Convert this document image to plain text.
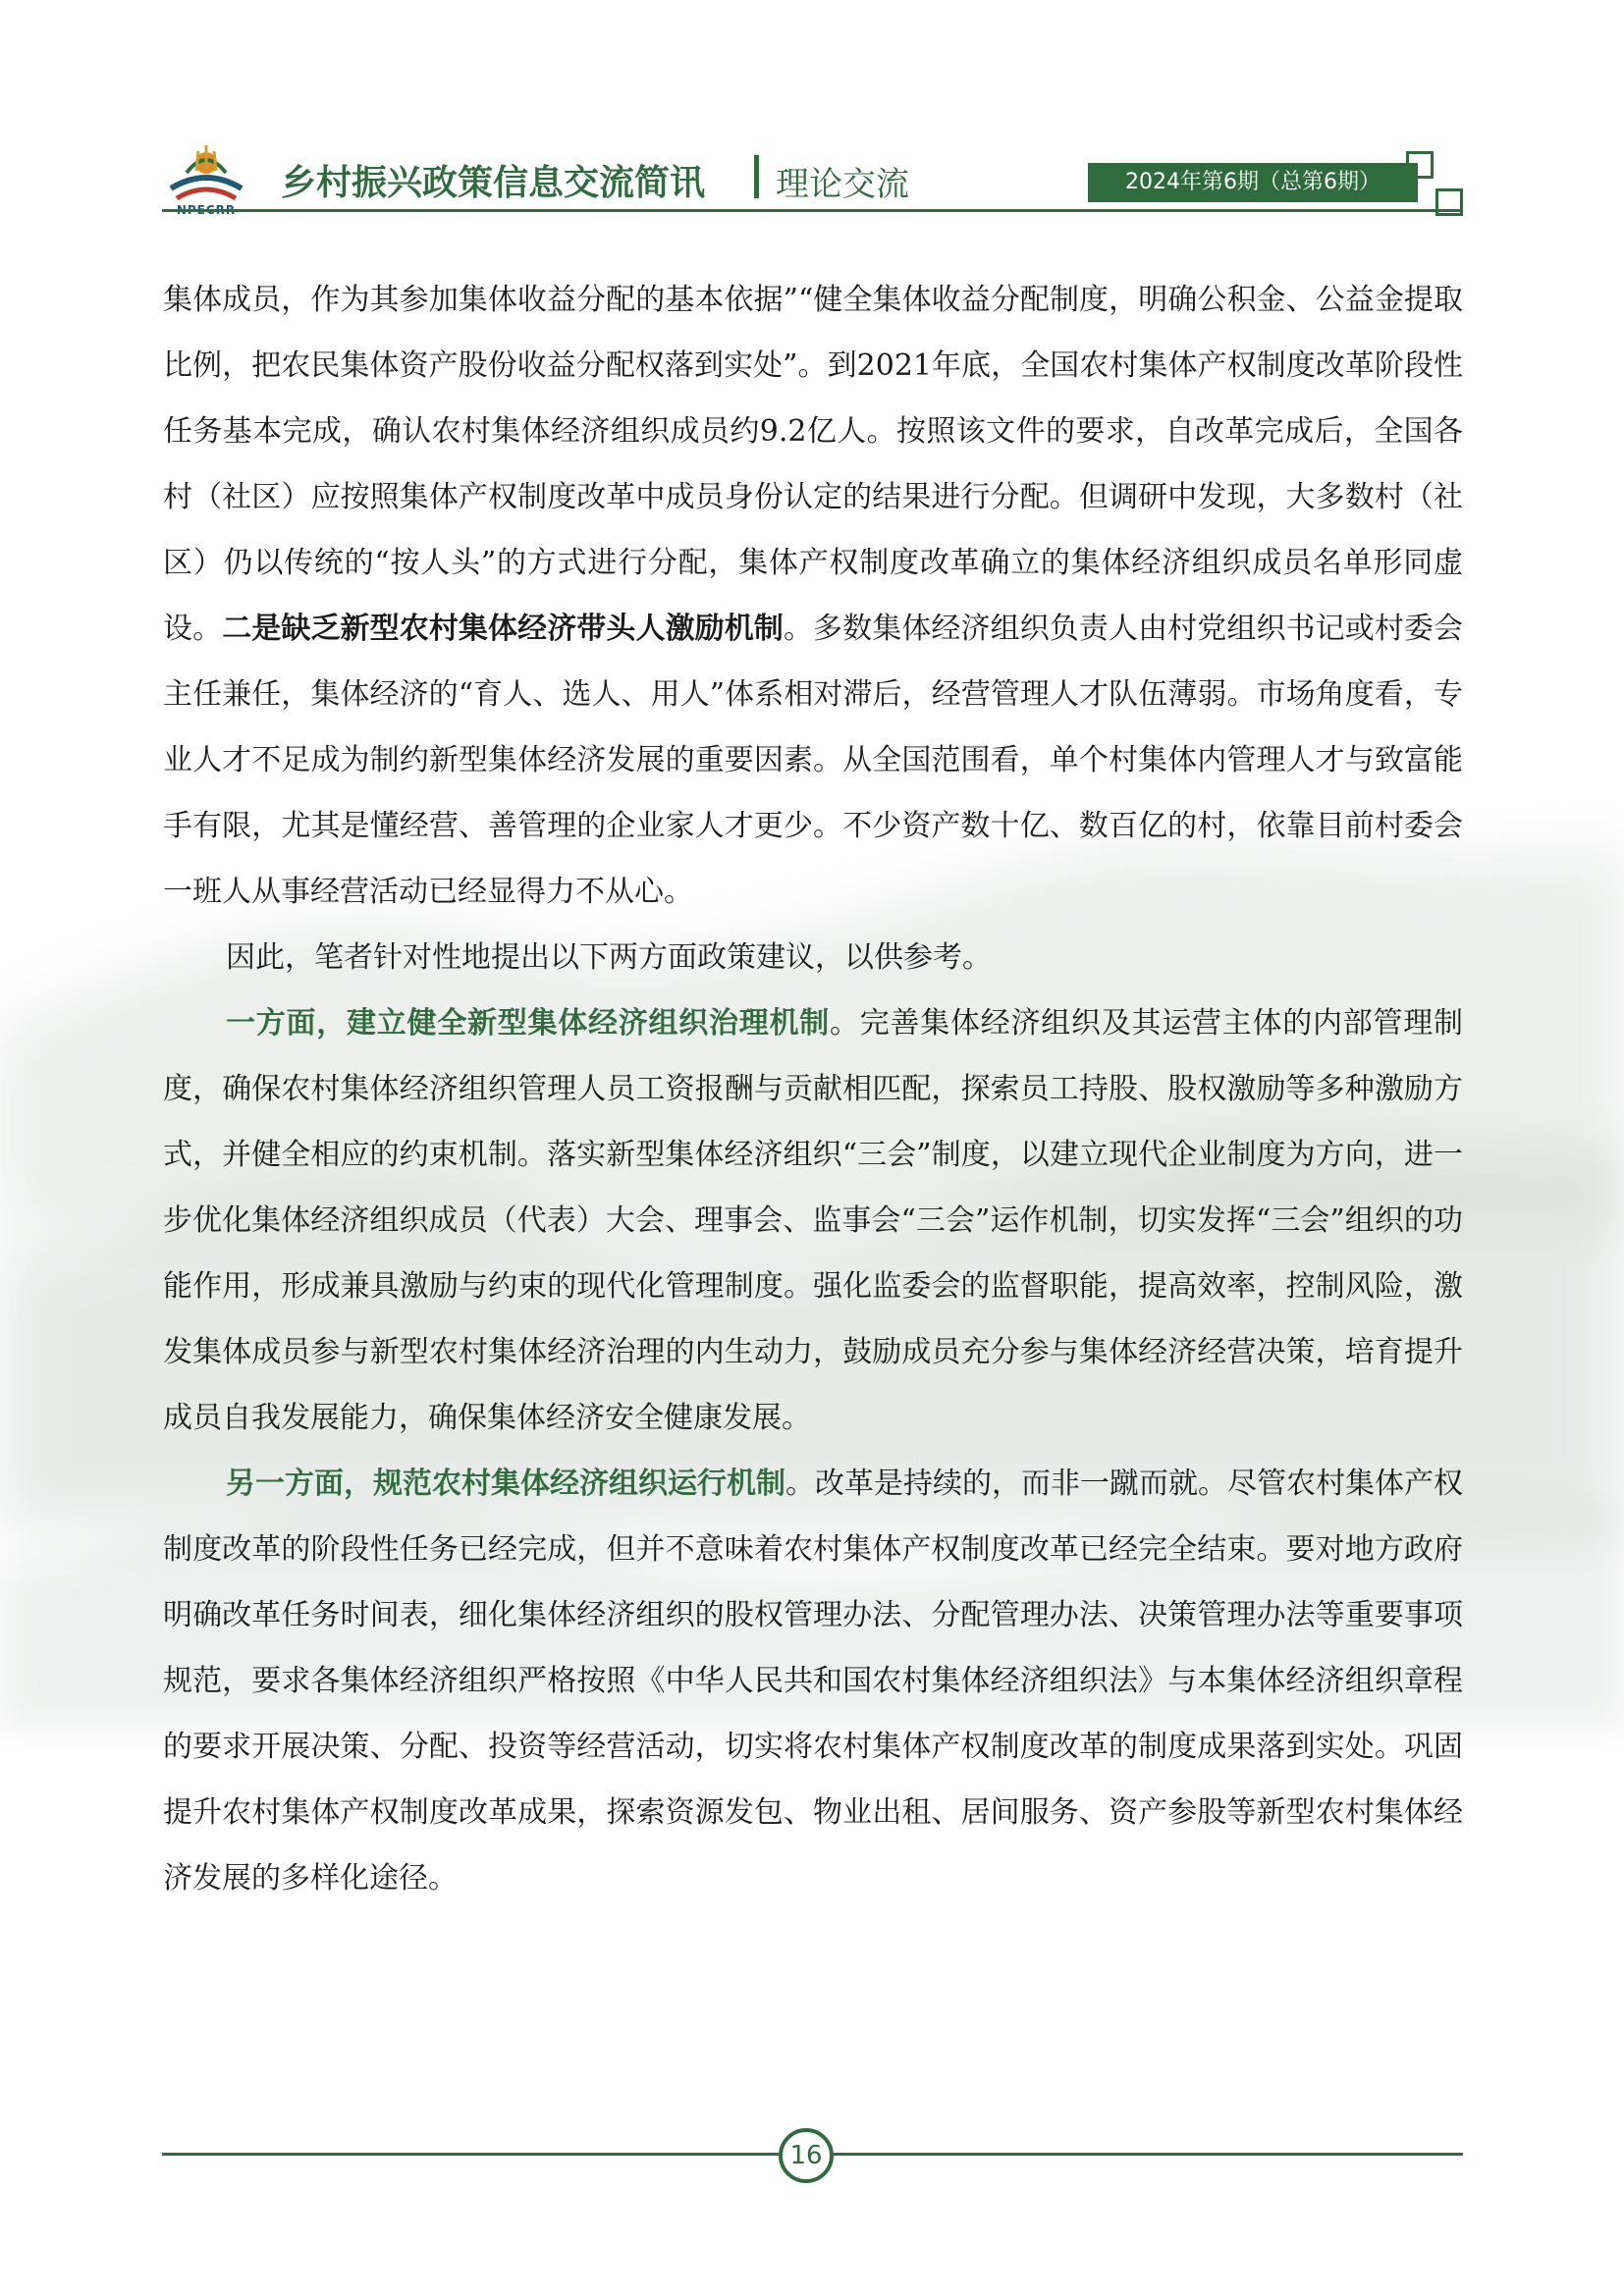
乡村振兴政策信息交流简讯 理论交流	2024年第6期（总第6期）

集体成员，作为其参加集体收益分配的基本依据”“健全集体收益分配制度，明确公积金、公益金提取比例，把农民集体资产股份收益分配权落到实处”。到2021年底，全国农村集体产权制度改革阶段性任务基本完成，确认农村集体经济组织成员约9.2亿人。按照该文件的要求，自改革完成后，全国各村（社区）应按照集体产权制度改革中成员身份认定的结果进行分配。但调研中发现，大多数村（社区）仍以传统的“按人头”的方式进行分配，集体产权制度改革确立的集体经济组织成员名单形同虚设。二是缺乏新型农村集体经济带头人激励机制。多数集体经济组织负责人由村党组织书记或村委会主任兼任，集体经济的“育人、选人、用人”体系相对滞后，经营管理人才队伍薄弱。市场角度看，专业人才不足成为制约新型集体经济发展的重要因素。从全国范围看，单个村集体内管理人才与致富能手有限，尤其是懂经营、善管理的企业家人才更少。不少资产数十亿、数百亿的村，依靠目前村委会一班人从事经营活动已经显得力不从心。

因此，笔者针对性地提出以下两方面政策建议，以供参考。

一方面，建立健全新型集体经济组织治理机制。完善集体经济组织及其运营主体的内部管理制度，确保农村集体经济组织管理人员工资报酬与贡献相匹配，探索员工持股、股权激励等多种激励方式，并健全相应的约束机制。落实新型集体经济组织“三会”制度，以建立现代企业制度为方向，进一步优化集体经济组织成员（代表）大会、理事会、监事会“三会”运作机制，切实发挥“三会”组织的功能作用，形成兼具激励与约束的现代化管理制度。强化监委会的监督职能，提高效率，控制风险，激发集体成员参与新型农村集体经济治理的内生动力，鼓励成员充分参与集体经济经营决策，培育提升成员自我发展能力，确保集体经济安全健康发展。

另一方面，规范农村集体经济组织运行机制。改革是持续的，而非一蹴而就。尽管农村集体产权制度改革的阶段性任务已经完成，但并不意味着农村集体产权制度改革已经完全结束。要对地方政府明确改革任务时间表，细化集体经济组织的股权管理办法、分配管理办法、决策管理办法等重要事项规范，要求各集体经济组织严格按照《中华人民共和国农村集体经济组织法》与本集体经济组织章程的要求开展决策、分配、投资等经营活动，切实将农村集体产权制度改革的制度成果落到实处。巩固提升农村集体产权制度改革成果，探索资源发包、物业出租、居间服务、资产参股等新型农村集体经济发展的多样化途径。

16
